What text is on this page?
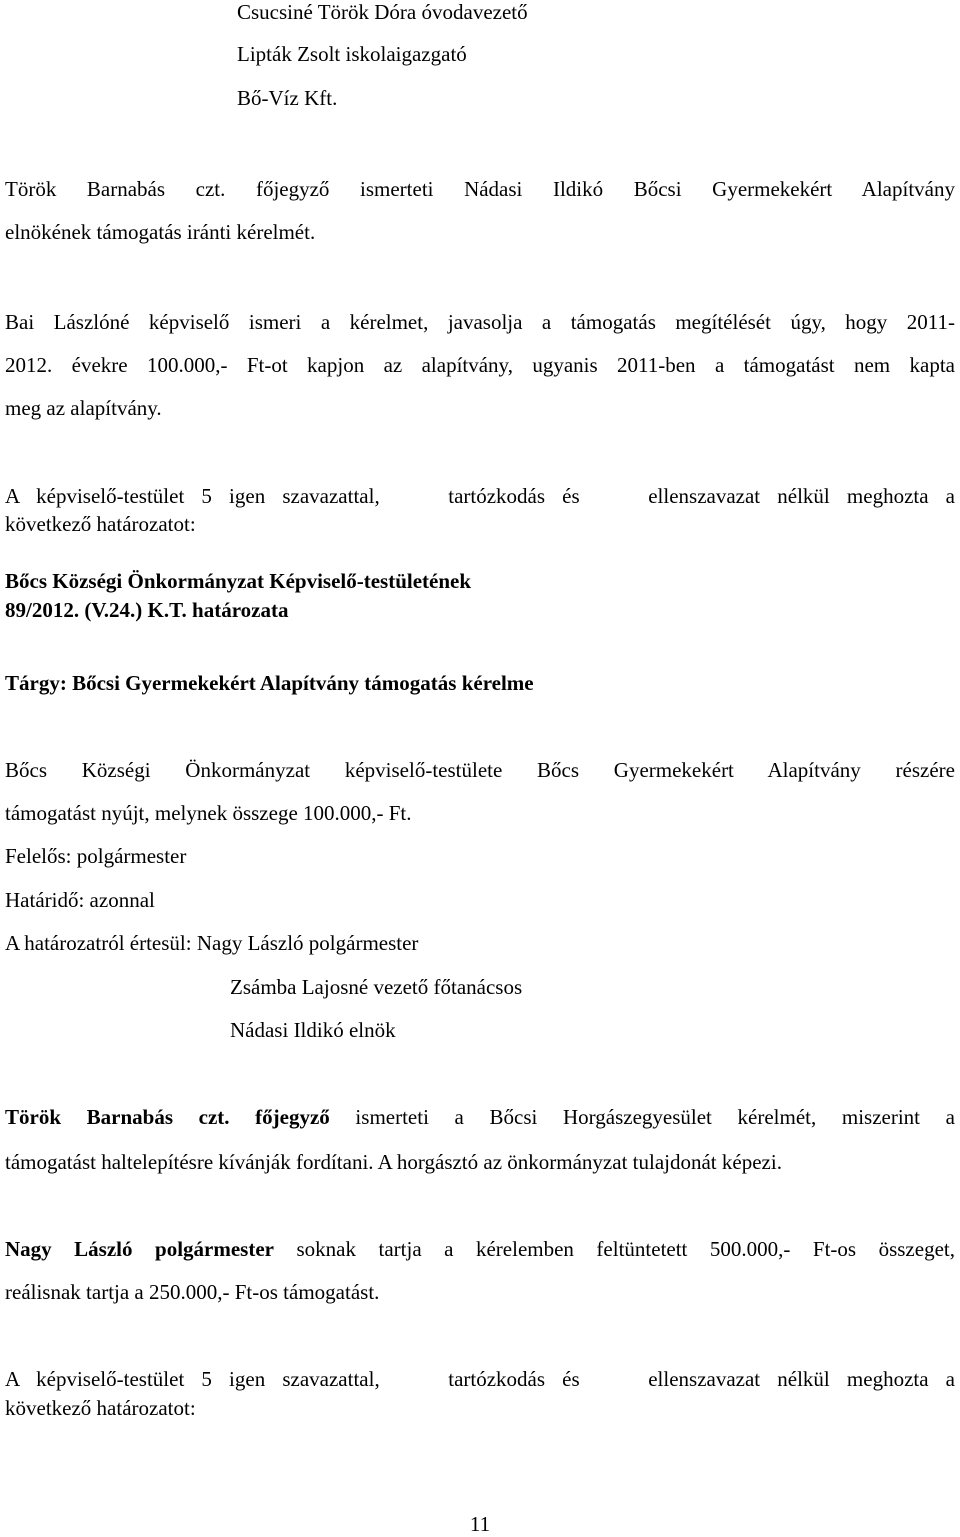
Csucsiné Török Dóra óvodavezető
Lipták Zsolt iskolaigazgató
Bő-Víz Kft.
Török Barnabás czt. főjegyző ismerteti Nádasi Ildikó Bőcsi Gyermekekért Alapítvány
elnökének támogatás iránti kérelmét.
Bai Lászlóné képviselő ismeri a kérelmet, javasolja a támogatás megítélését úgy, hogy 2011-
2012. évekre 100.000,- Ft-ot kapjon az alapítvány, ugyanis 2011-ben a támogatást nem kapta
meg az alapítvány.
A képviselő-testület 5 igen szavazattal,    tartózkodás és    ellenszavazat nélkül meghozta a
következő határozatot:
Bőcs Községi Önkormányzat Képviselő-testületének
89/2012. (V.24.) K.T. határozata
Tárgy: Bőcsi Gyermekekért Alapítvány támogatás kérelme
Bőcs Községi Önkormányzat képviselő-testülete Bőcs Gyermekekért Alapítvány részére
támogatást nyújt, melynek összege 100.000,- Ft.
Felelős: polgármester
Határidő: azonnal
A határozatról értesül: Nagy László polgármester
Zsámba Lajosné vezető főtanácsos
Nádasi Ildikó elnök
Török Barnabás czt. főjegyző ismerteti a Bőcsi Horgászegyesület kérelmét, miszerint a
támogatást haltelepítésre kívánják fordítani. A horgásztó az önkormányzat tulajdonát képezi.
Nagy László polgármester soknak tartja a kérelemben feltüntetett 500.000,- Ft-os összeget,
reálisnak tartja a 250.000,- Ft-os támogatást.
A képviselő-testület 5 igen szavazattal,    tartózkodás és    ellenszavazat nélkül meghozta a
következő határozatot:
11
